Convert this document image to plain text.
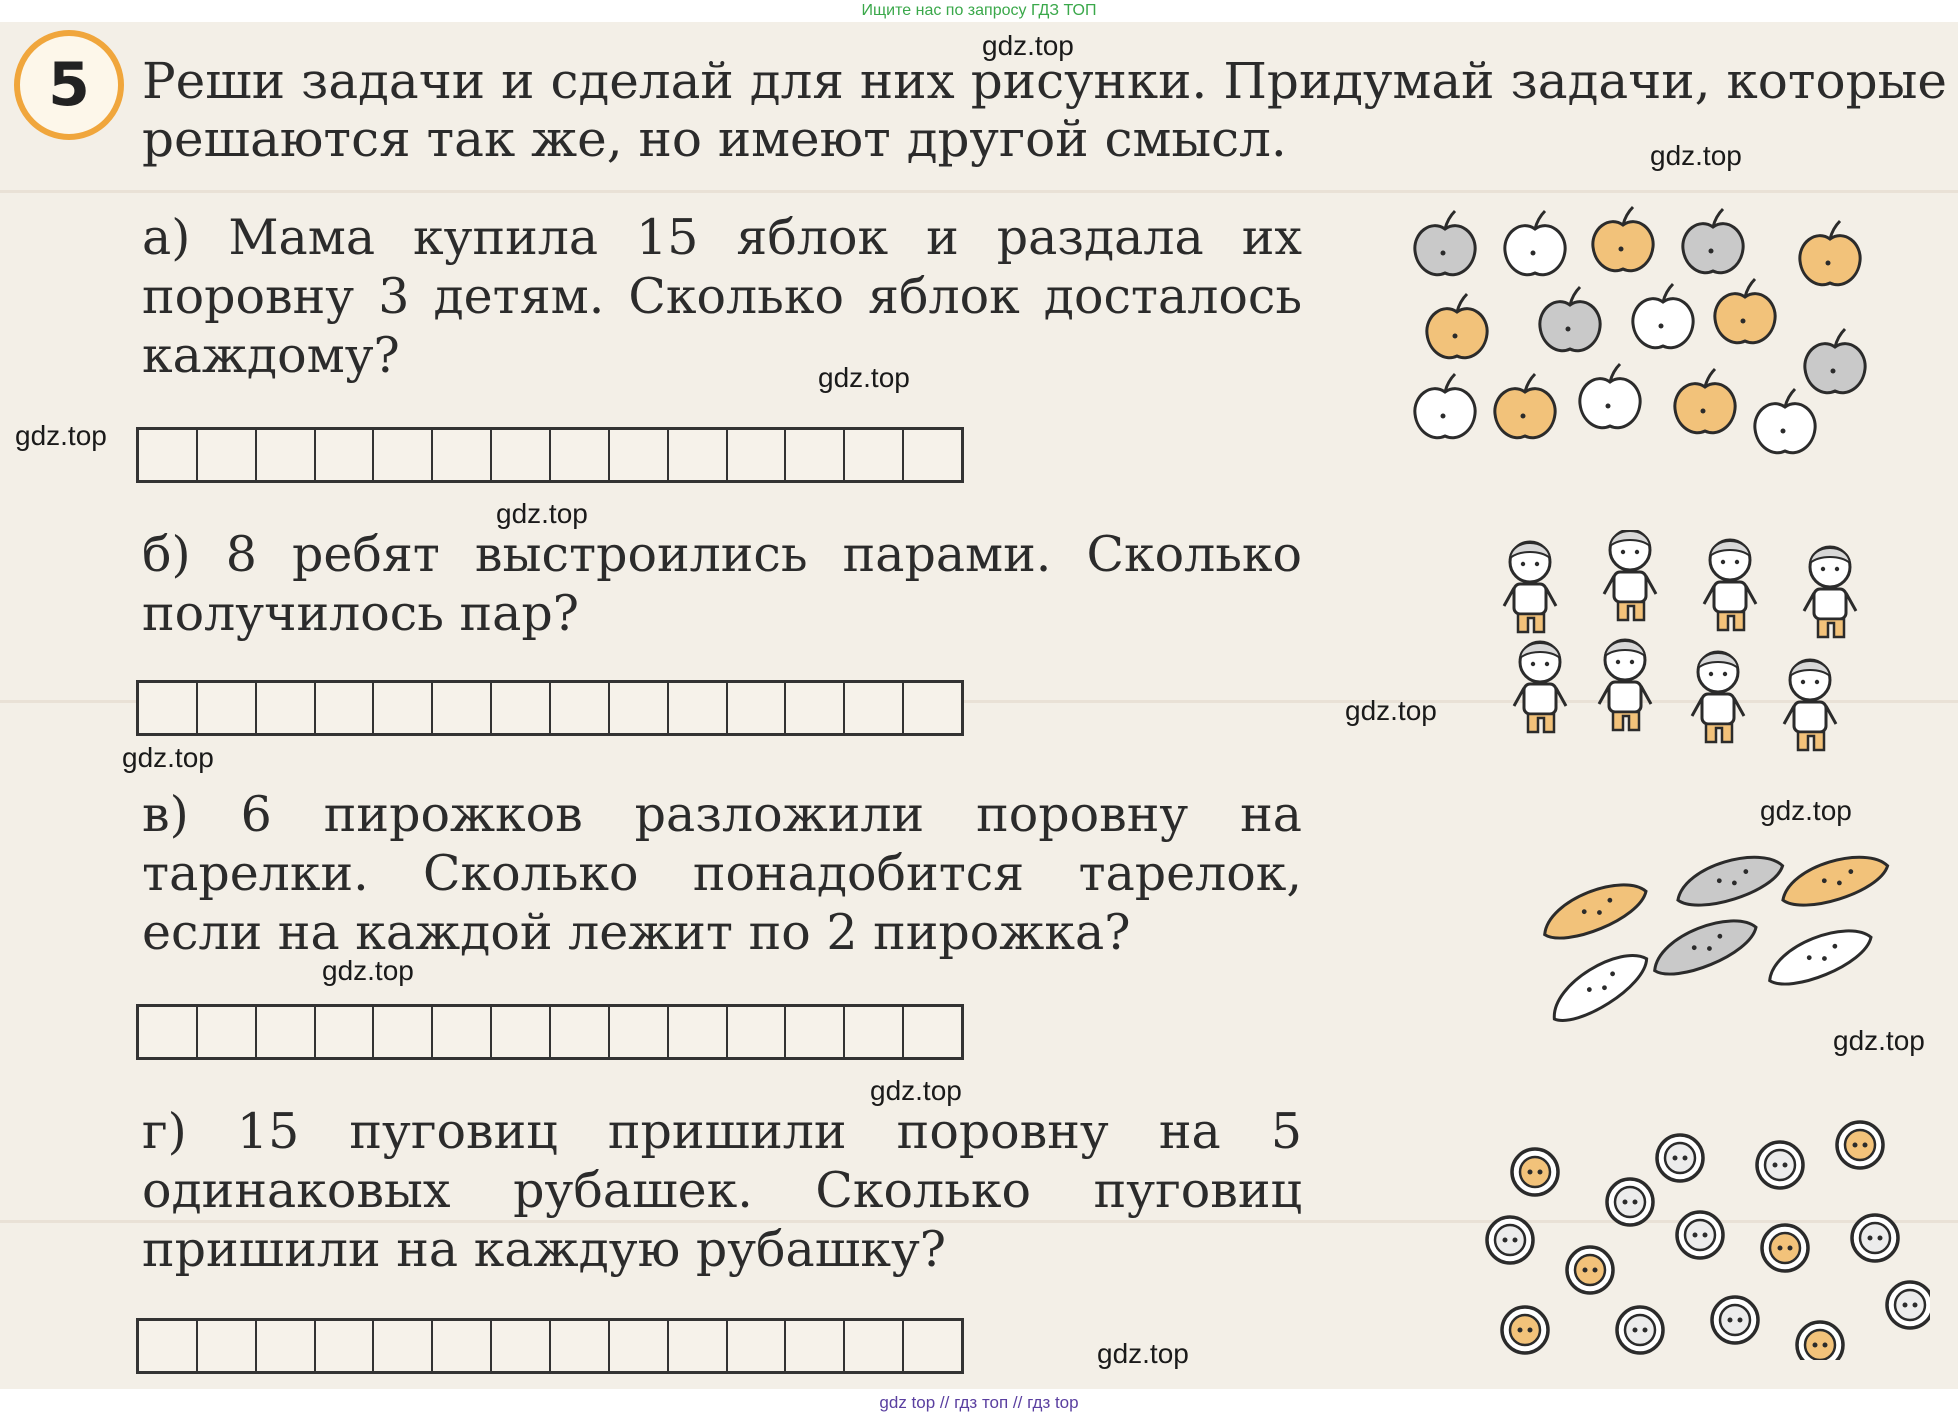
Ищите нас по запросу ГДЗ ТОП
5 Реши задачи и сделай для них рисунки. Придумай задачи, которые решаются так же, но имеют другой смысл.

а) Мама купила 15 яблок и раздала их поровну 3 детям. Сколько яблок досталось каждому?

б) 8 ребят выстроились парами. Сколько получилось пар?

в) 6 пирожков разложили поровну на тарелки. Сколько понадобится тарелок, если на каждой лежит по 2 пирожка?

г) 15 пуговиц пришили поровну на 5 одинаковых рубашек. Сколько пуговиц пришили на каждую рубашку?

gdz.top
gdz.top
gdz.top
gdz.top
gdz.top
gdz.top
gdz.top
gdz.top
gdz.top
gdz.top
gdz.top
gdz.top
gdz top // гдз топ // гдз top
